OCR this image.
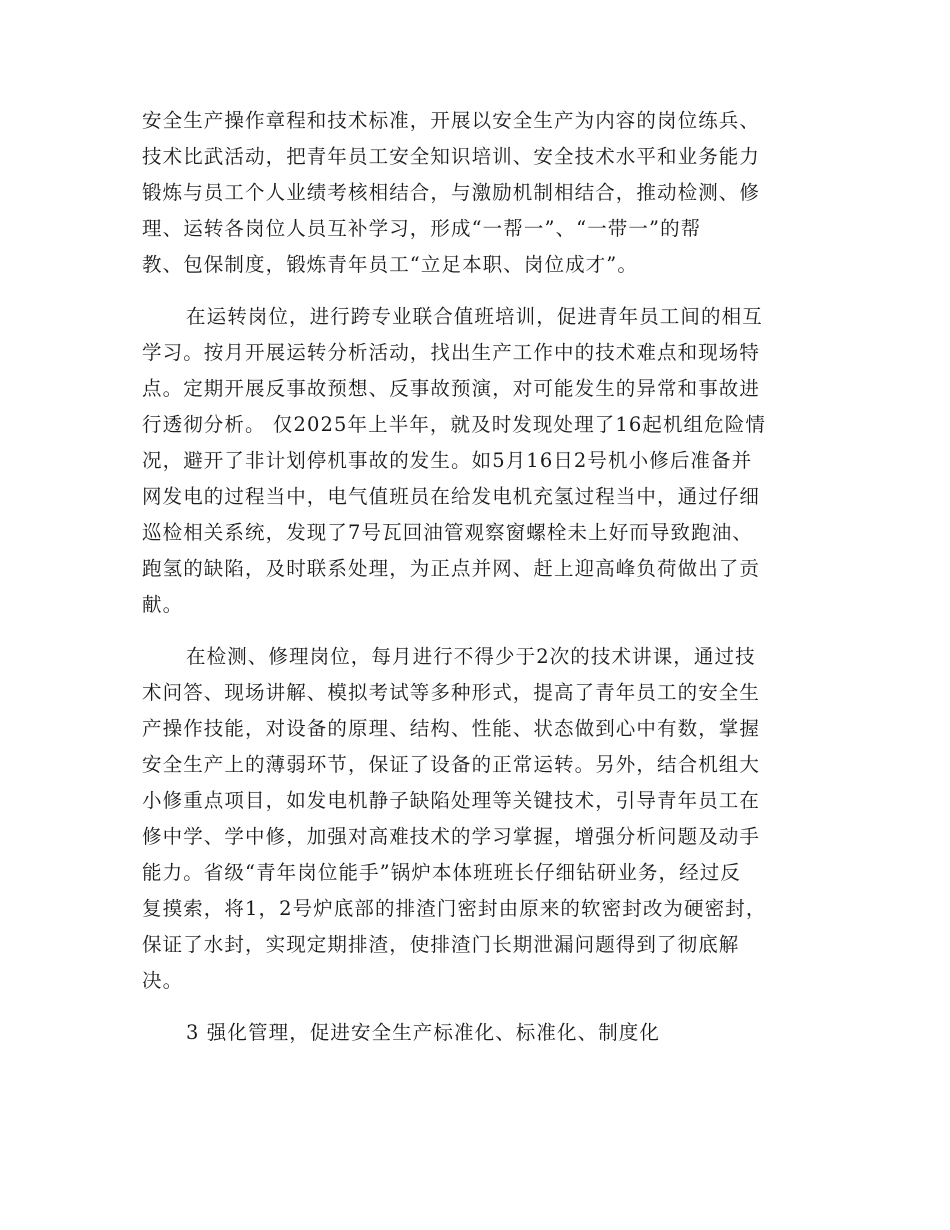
安全生产操作章程和技术标准，开展以安全生产为内容的岗位练兵、
技术比武活动，把青年员工安全知识培训、安全技术水平和业务能力
锻炼与员工个人业绩考核相结合，与激励机制相结合，推动检测、修
理、运转各岗位人员互补学习，形成“一帮一”、“一带一”的帮
教、包保制度，锻炼青年员工“立足本职、岗位成才”。
在运转岗位，进行跨专业联合值班培训，促进青年员工间的相互
学习。按月开展运转分析活动，找出生产工作中的技术难点和现场特
点。定期开展反事故预想、反事故预演，对可能发生的异常和事故进
行透彻分析。 仅2025年上半年，就及时发现处理了16起机组危险情
况，避开了非计划停机事故的发生。如5月16日2号机小修后准备并
网发电的过程当中，电气值班员在给发电机充氢过程当中，通过仔细
巡检相关系统，发现了7号瓦回油管观察窗螺栓未上好而导致跑油、
跑氢的缺陷，及时联系处理，为正点并网、赶上迎高峰负荷做出了贡
献。
在检测、修理岗位，每月进行不得少于2次的技术讲课，通过技
术问答、现场讲解、模拟考试等多种形式，提高了青年员工的安全生
产操作技能，对设备的原理、结构、性能、状态做到心中有数，掌握
安全生产上的薄弱环节，保证了设备的正常运转。另外，结合机组大
小修重点项目，如发电机静子缺陷处理等关键技术，引导青年员工在
修中学、学中修，加强对高难技术的学习掌握，增强分析问题及动手
能力。省级“青年岗位能手”锅炉本体班班长仔细钻研业务，经过反
复摸索，将1，2号炉底部的排渣门密封由原来的软密封改为硬密封，
保证了水封，实现定期排渣，使排渣门长期泄漏问题得到了彻底解
决。
3 强化管理，促进安全生产标准化、标准化、制度化
